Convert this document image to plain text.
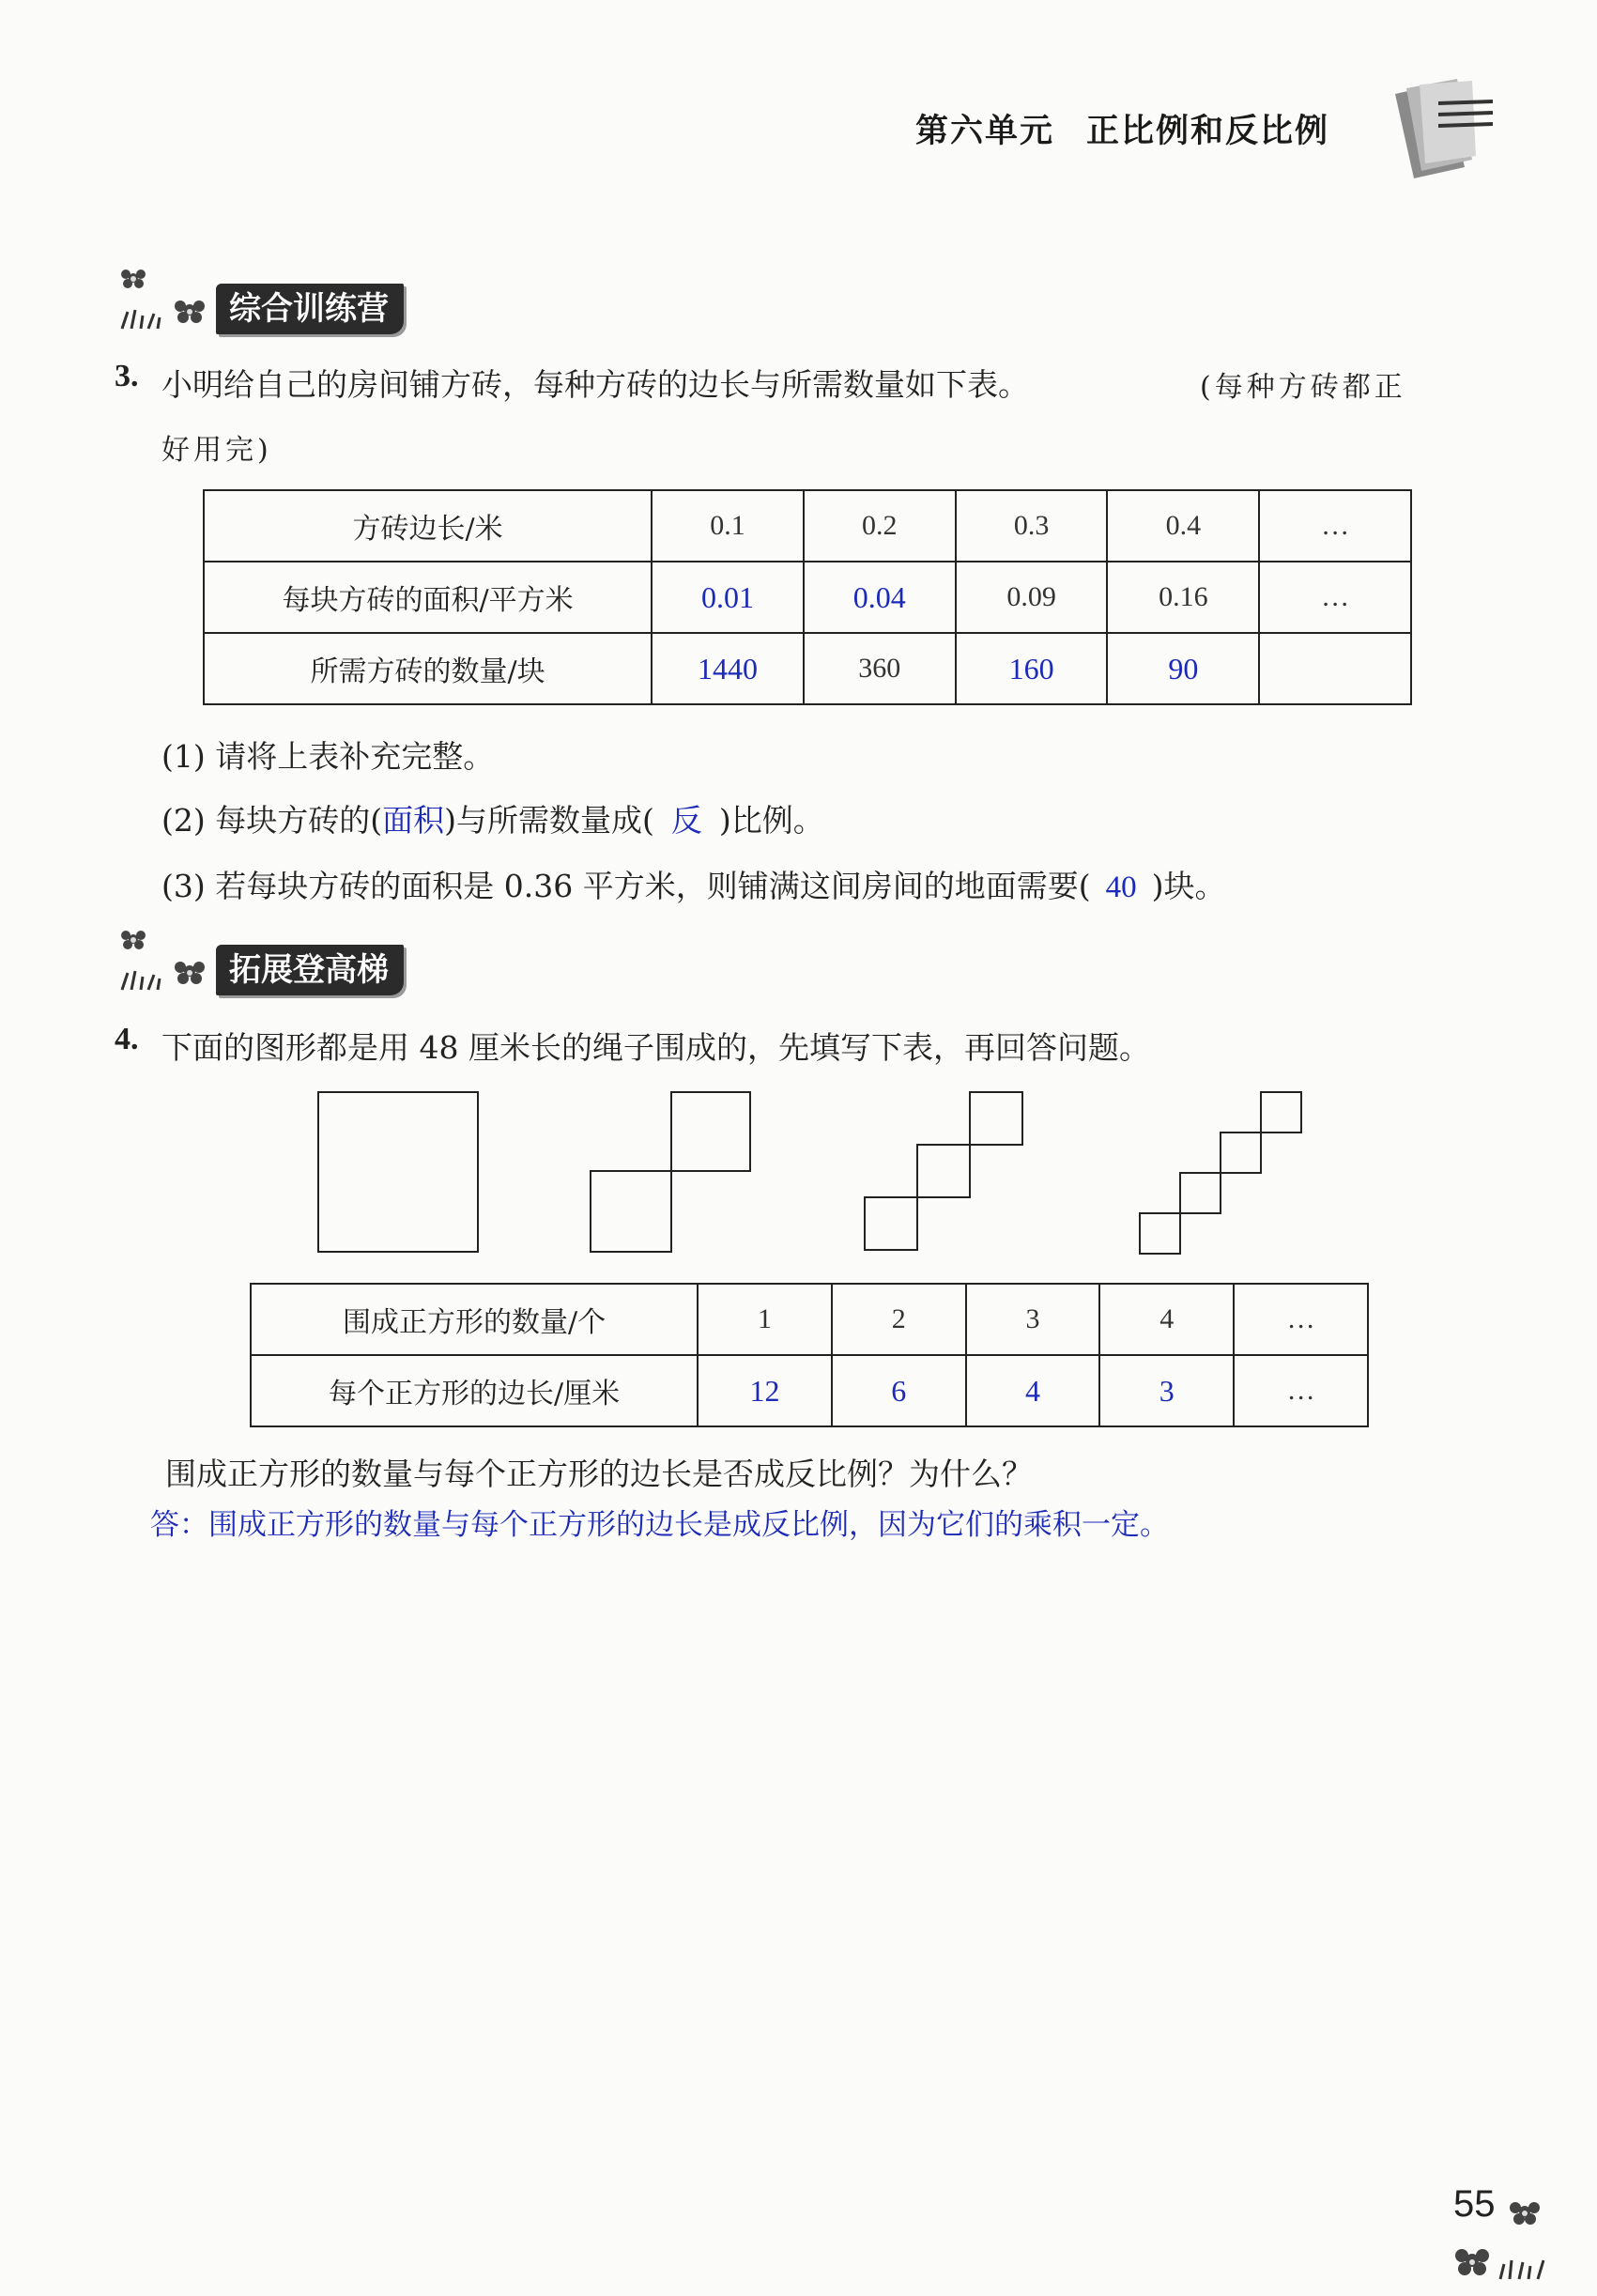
第六单元 正比例和反比例
综合训练营
3. 小明给自己的房间铺方砖，每种方砖的边长与所需数量如下表。	(每种方砖都正
好用完)
方砖边长/米	0.1	0.2	0.3	0.4	…
每块方砖的面积/平方米	0.01	0.04	0.09	0.16	…
所需方砖的数量/块	1440	360	160	90	
(1) 请将上表补充完整。
(2) 每块方砖的(面积)与所需数量成( 反 )比例。
(3) 若每块方砖的面积是 0.36 平方米，则铺满这间房间的地面需要( 40 )块。
拓展登高梯
4. 下面的图形都是用 48 厘米长的绳子围成的，先填写下表，再回答问题。
围成正方形的数量/个	1	2	3	4	…
每个正方形的边长/厘米	12	6	4	3	…
围成正方形的数量与每个正方形的边长是否成反比例？为什么？
答：围成正方形的数量与每个正方形的边长是成反比例，因为它们的乘积一定。
55
